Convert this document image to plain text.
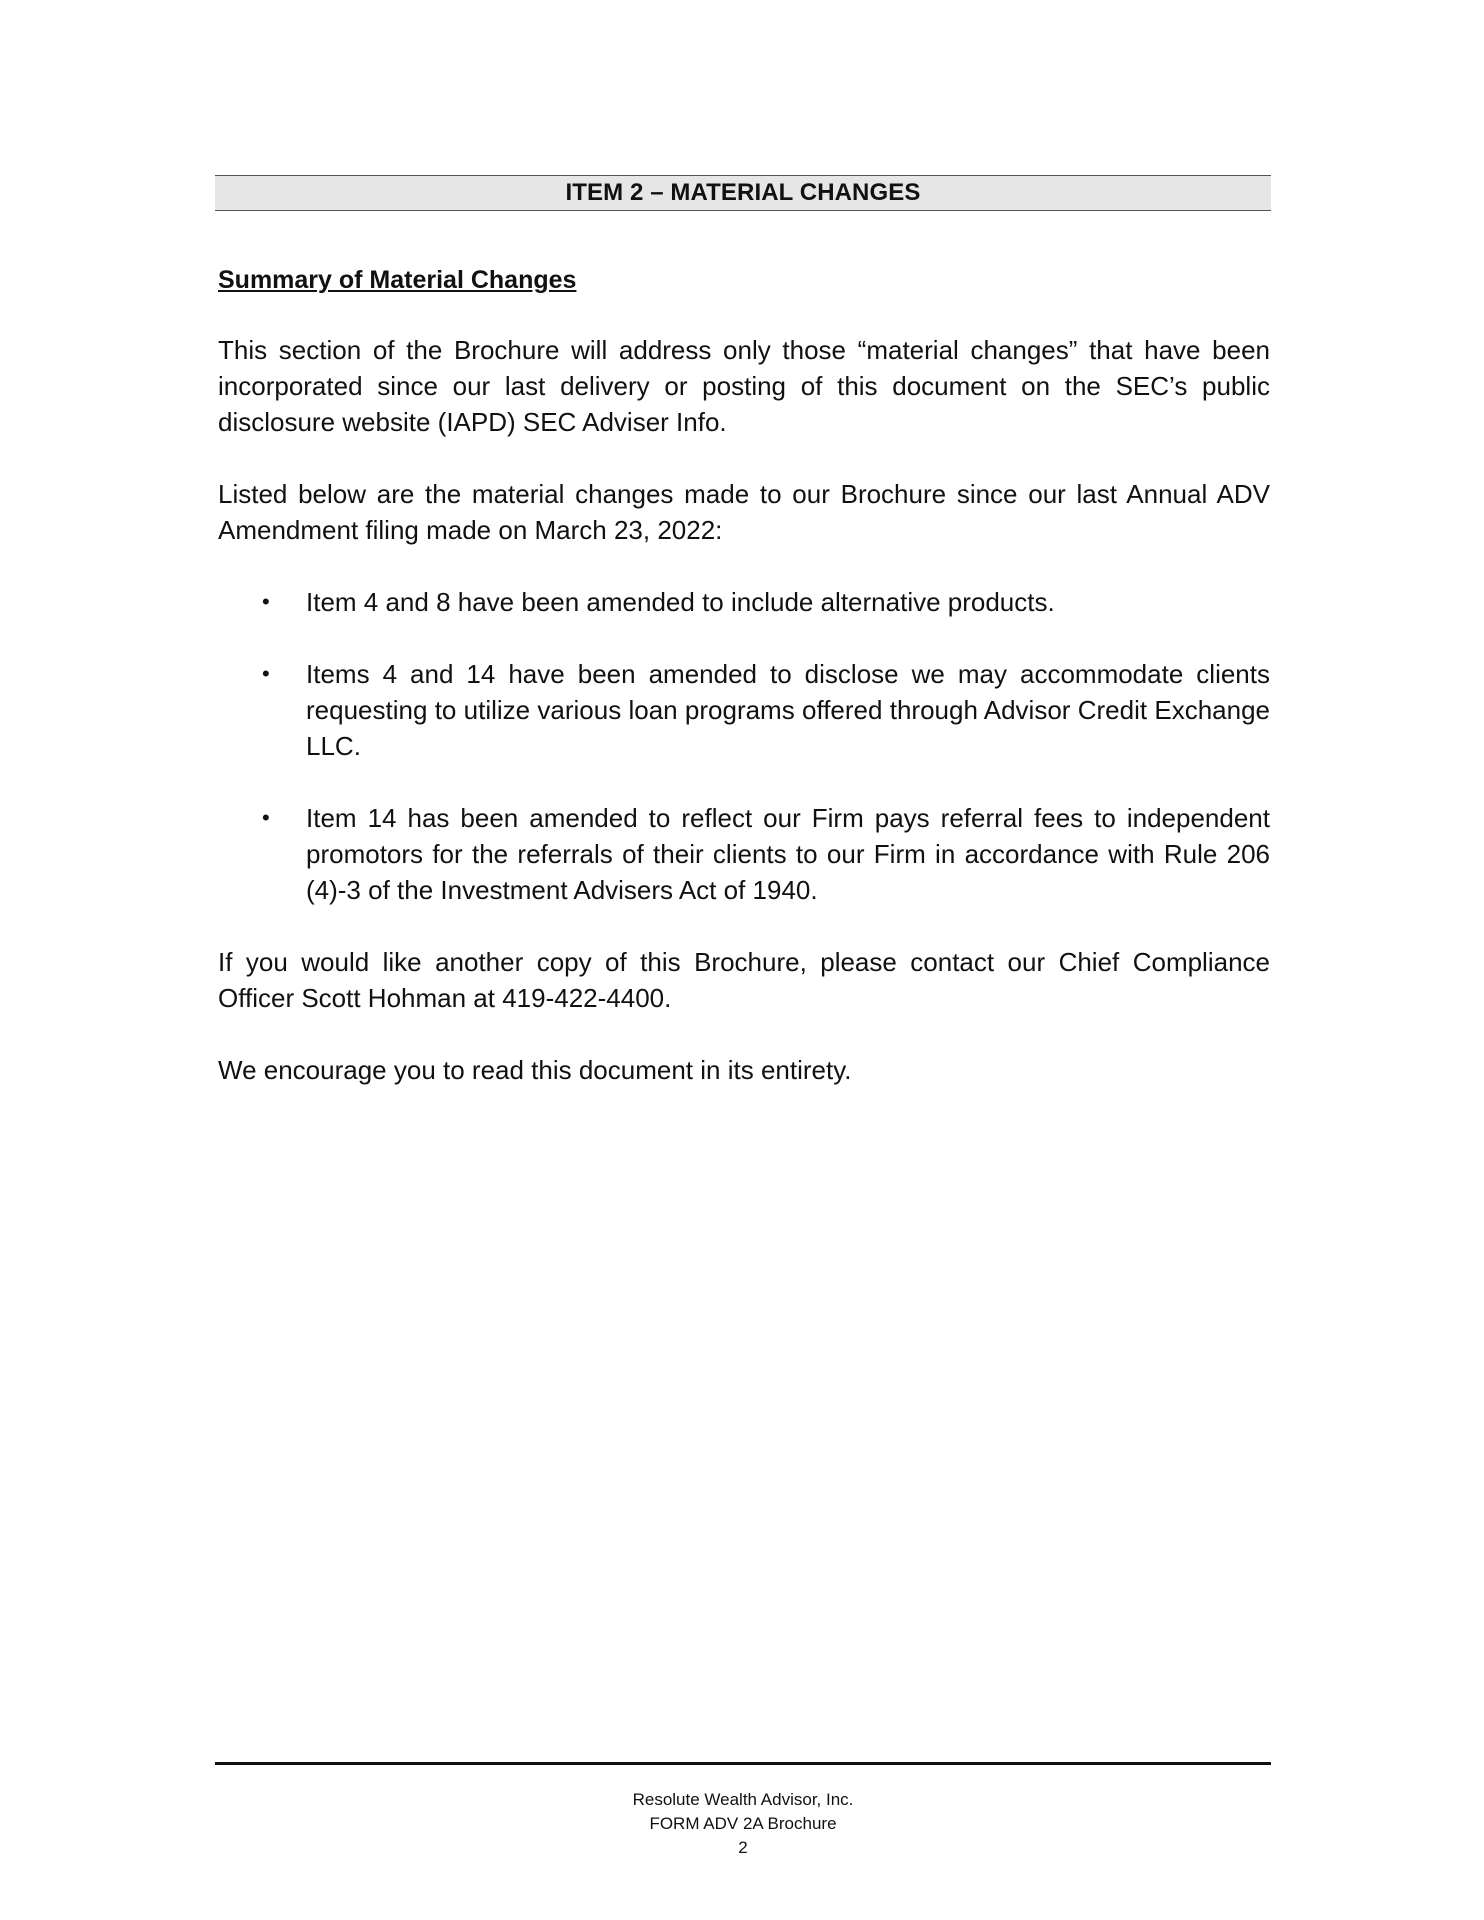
ITEM 2 – MATERIAL CHANGES
Summary of Material Changes

This section of the Brochure will address only those “material changes” that have been incorporated since our last delivery or posting of this document on the SEC’s public disclosure website (IAPD) SEC Adviser Info.

Listed below are the material changes made to our Brochure since our last Annual ADV Amendment filing made on March 23, 2022:

• Item 4 and 8 have been amended to include alternative products.
• Items 4 and 14 have been amended to disclose we may accommodate clients requesting to utilize various loan programs offered through Advisor Credit Exchange LLC.
• Item 14 has been amended to reflect our Firm pays referral fees to independent promotors for the referrals of their clients to our Firm in accordance with Rule 206 (4)-3 of the Investment Advisers Act of 1940.

If you would like another copy of this Brochure, please contact our Chief Compliance Officer Scott Hohman at 419-422-4400.

We encourage you to read this document in its entirety.

Resolute Wealth Advisor, Inc.
FORM ADV 2A Brochure
2
